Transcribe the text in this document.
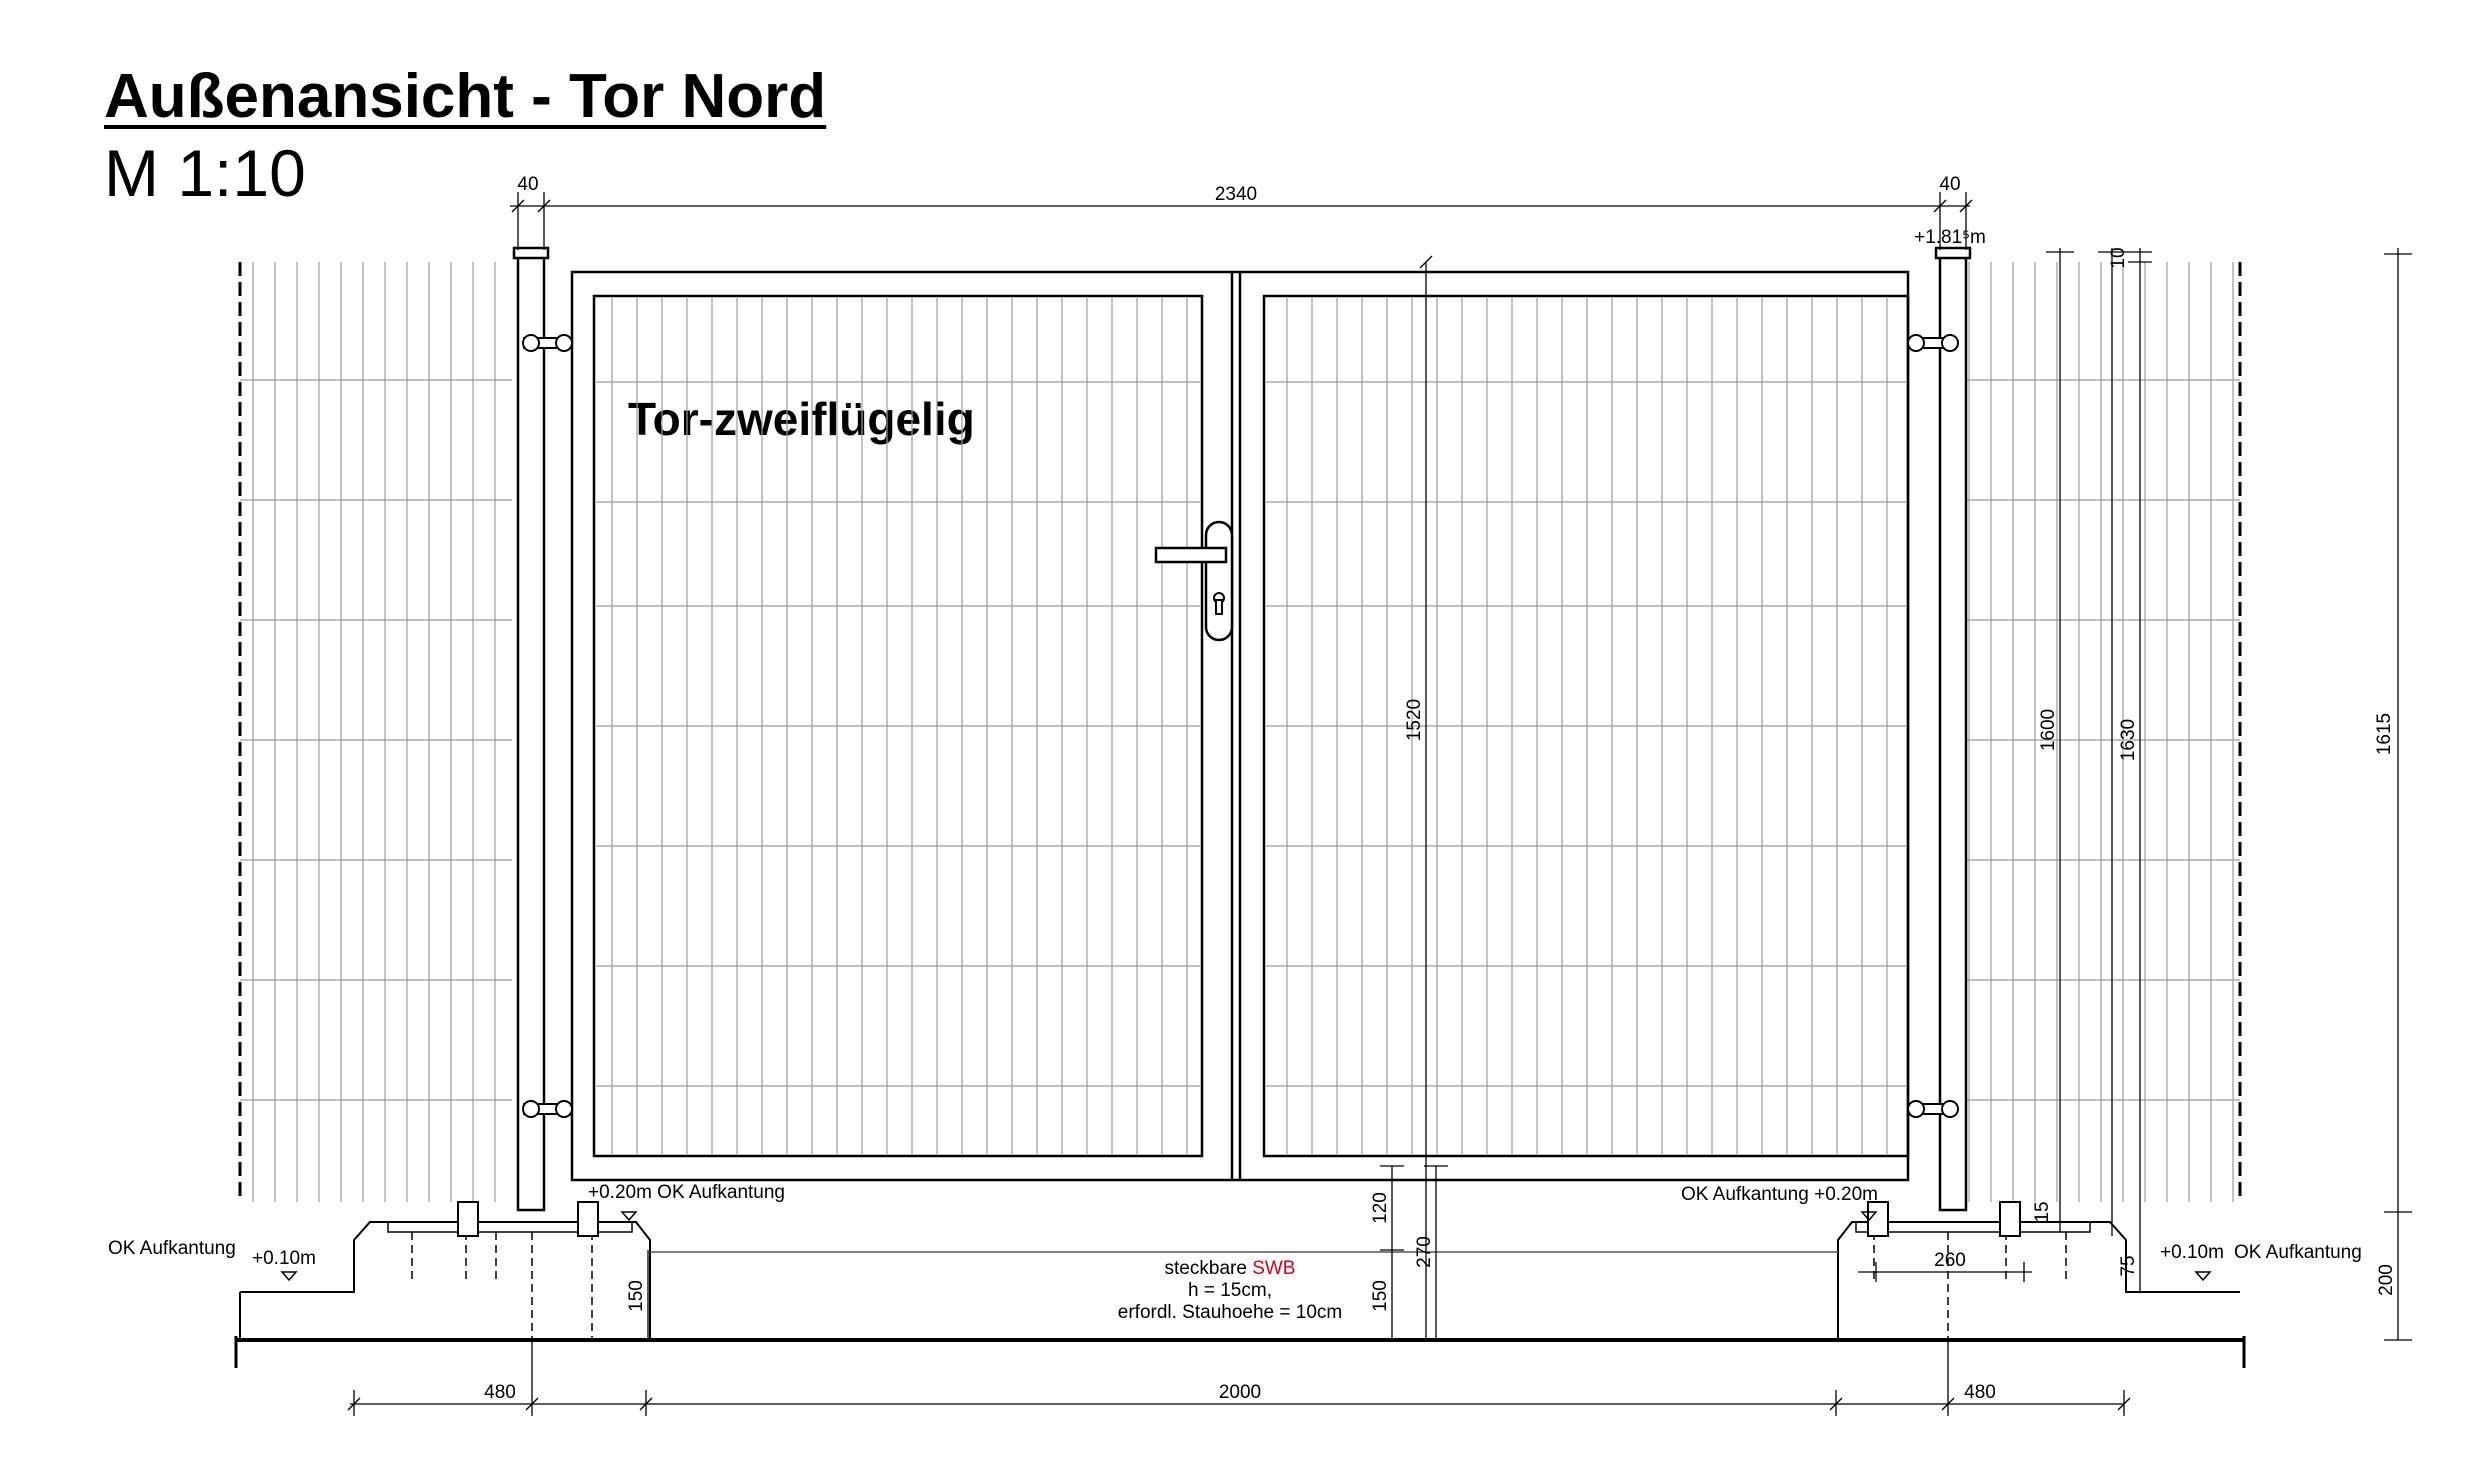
Außenansicht - Tor Nord
M 1:10	40	2340	40
+1.81⁵m
1520	1600	1630
10
1615
120
270
150
150
15
260	75	200
480	2000	480
OK Aufkantung +0.10m
+0.20m OK Aufkantung	OK Aufkantung +0.20m
+0.10m OK Aufkantung
steckbare SWB
h = 15cm,
erfordl. Stauhoehe = 10cm
